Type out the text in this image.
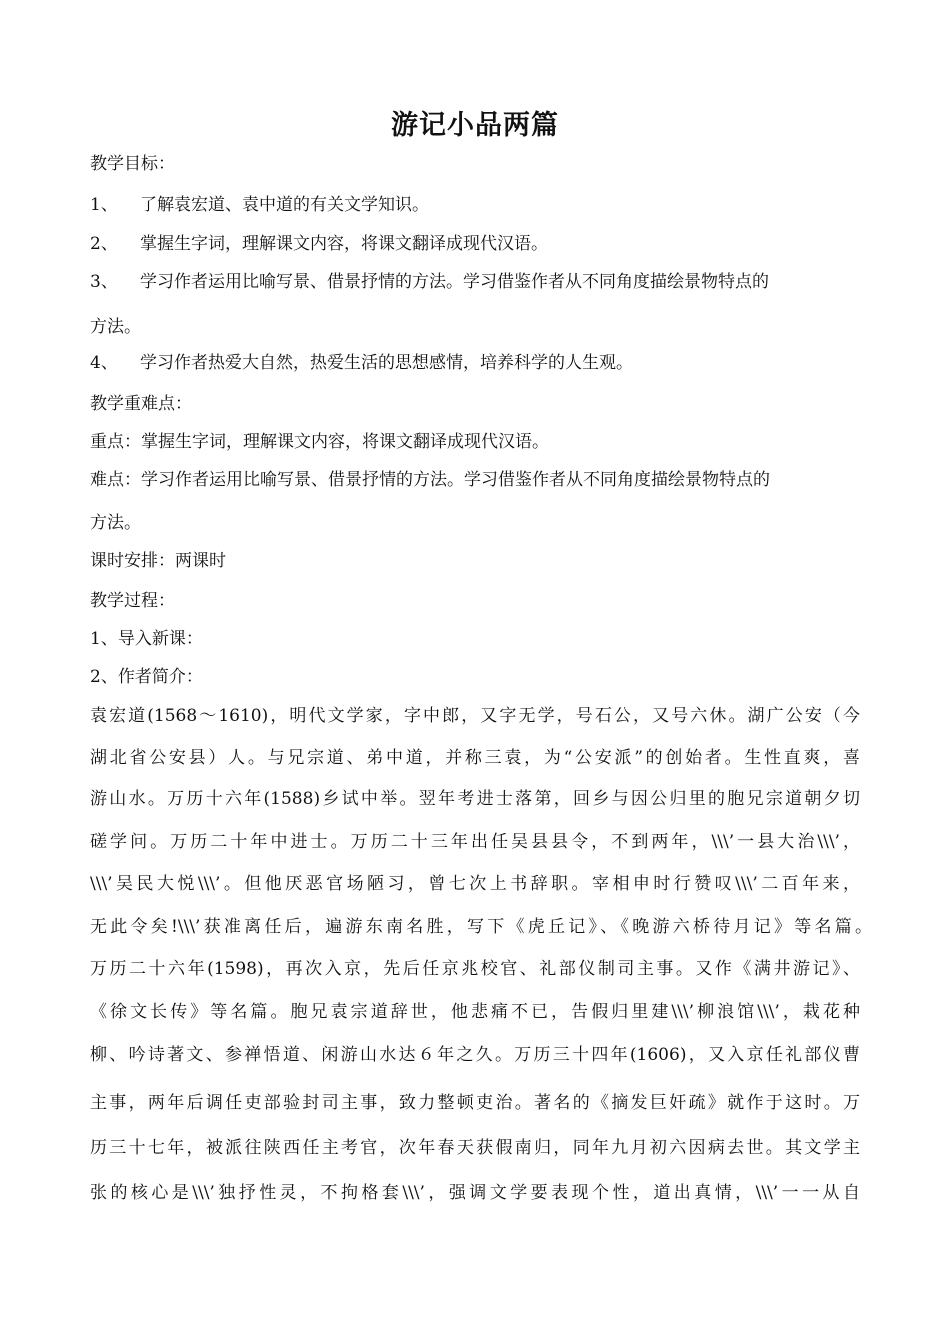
游记小品两篇
教学目标：
1、 了解袁宏道、袁中道的有关文学知识。
2、 掌握生字词，理解课文内容，将课文翻译成现代汉语。
3、 学习作者运用比喻写景、借景抒情的方法。学习借鉴作者从不同角度描绘景物特点的
方法。
4、 学习作者热爱大自然，热爱生活的思想感情，培养科学的人生观。
教学重难点：
重点：掌握生字词，理解课文内容，将课文翻译成现代汉语。
难点：学习作者运用比喻写景、借景抒情的方法。学习借鉴作者从不同角度描绘景物特点的
方法。
课时安排：两课时
教学过程：
1、导入新课：
2、作者简介：
袁宏道(1568～1610)，明代文学家，字中郎，又字无学，号石公，又号六休。湖广公安（今
湖北省公安县）人。与兄宗道、弟中道，并称三袁，为“公安派”的创始者。生性直爽，喜
游山水。万历十六年(1588)乡试中举。翌年考进士落第，回乡与因公归里的胞兄宗道朝夕切
磋学问。万历二十年中进士。万历二十三年出任吴县县令，不到两年，\\\’一县大治\\\’，
\\\’吴民大悦\\\’。但他厌恶官场陋习，曾七次上书辞职。宰相申时行赞叹\\\’二百年来，
无此令矣!\\\’获准离任后，遍游东南名胜，写下《虎丘记》、《晚游六桥待月记》等名篇。
万历二十六年(1598)，再次入京，先后任京兆校官、礼部仪制司主事。又作《满井游记》、
《徐文长传》等名篇。胞兄袁宗道辞世，他悲痛不已，告假归里建\\\’柳浪馆\\\’，栽花种
柳、吟诗著文、参禅悟道、闲游山水达６年之久。万历三十四年(1606)，又入京任礼部仪曹
主事，两年后调任吏部验封司主事，致力整顿吏治。著名的《摘发巨奸疏》就作于这时。万
历三十七年，被派往陕西任主考官，次年春天获假南归，同年九月初六因病去世。其文学主
张的核心是\\\’独抒性灵，不拘格套\\\’，强调文学要表现个性，道出真情，\\\’一一从自
